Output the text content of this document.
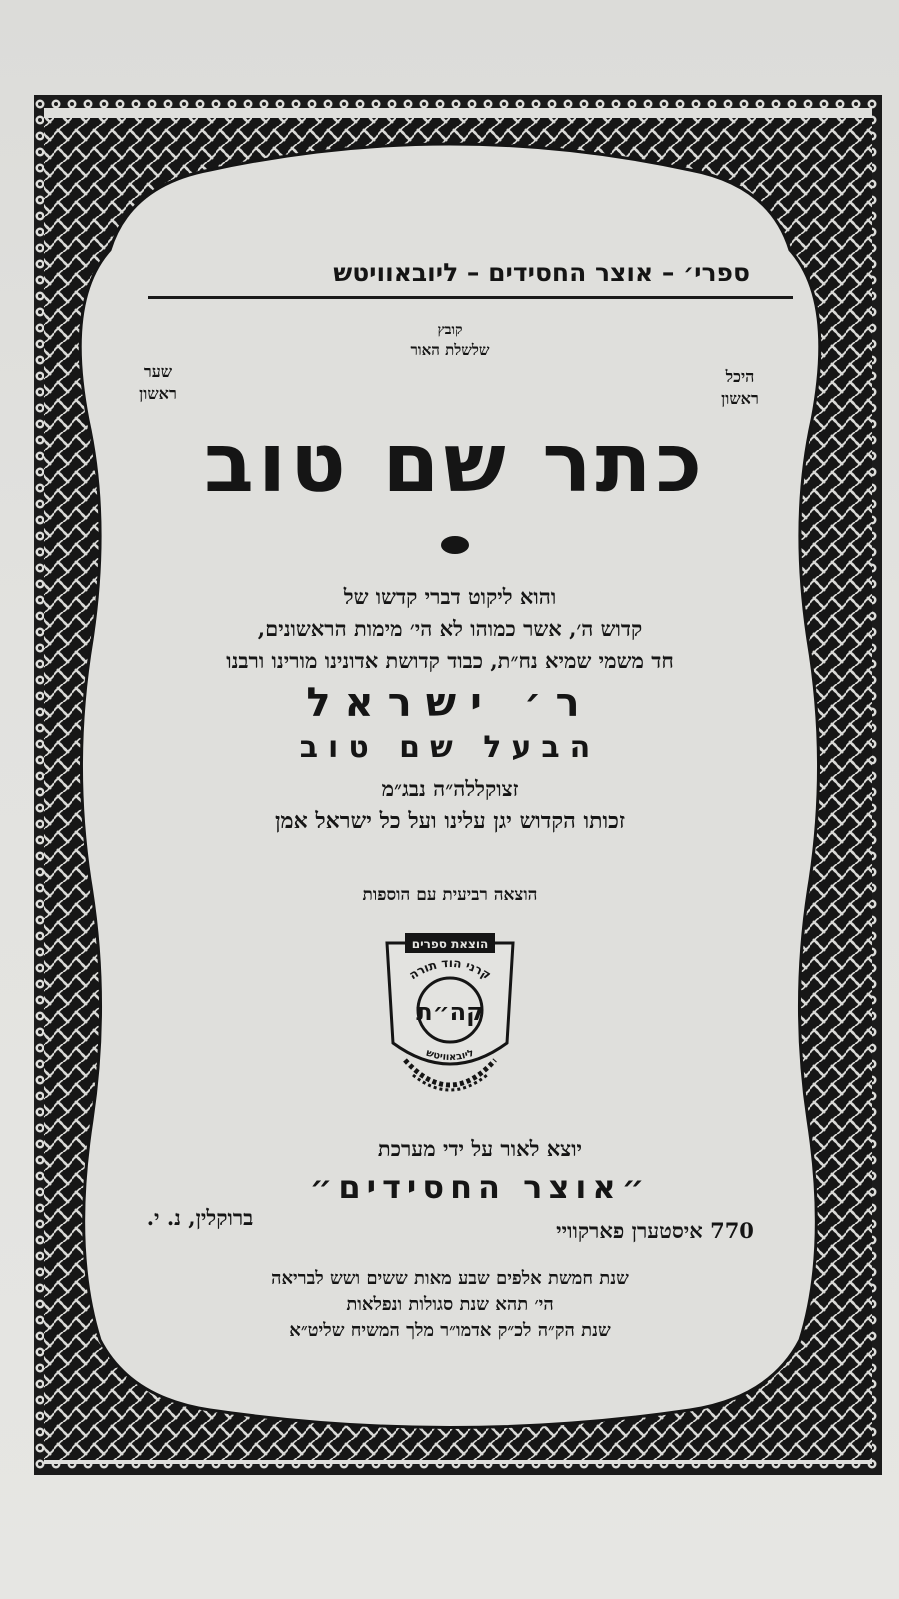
ספרי׳ – אוצר החסידים – ליובאוויטש
קובץ
שלשלת האור
שער
ראשון
היכל
ראשון
כתר שם טוב
והוא ליקוט דברי קדשו של
קדוש ה׳, אשר כמוהו לא הי׳ מימות הראשונים,
חד משמי שמיא נח״ת, כבוד קדושת אדונינו מורינו ורבנו
ר׳ ישראל
הבעל שם טוב
זצוקללה״ה נבג״מ
זכותו הקדוש יגן עלינו ועל כל ישראל אמן
הוצאה רביעית עם הוספות
הוצאת ספרים
קרני הוד תורה
קה״ת
ליובאוויטש
יוצא לאור על ידי מערכת
״אוצר החסידים״
770 איסטערן פארקוויי
ברוקלין, נ. י.
שנת חמשת אלפים שבע מאות ששים ושש לבריאה
הי׳ תהא שנת סגולות ונפלאות
שנת הק״ה לכ״ק אדמו״ר מלך המשיח שליט״א
